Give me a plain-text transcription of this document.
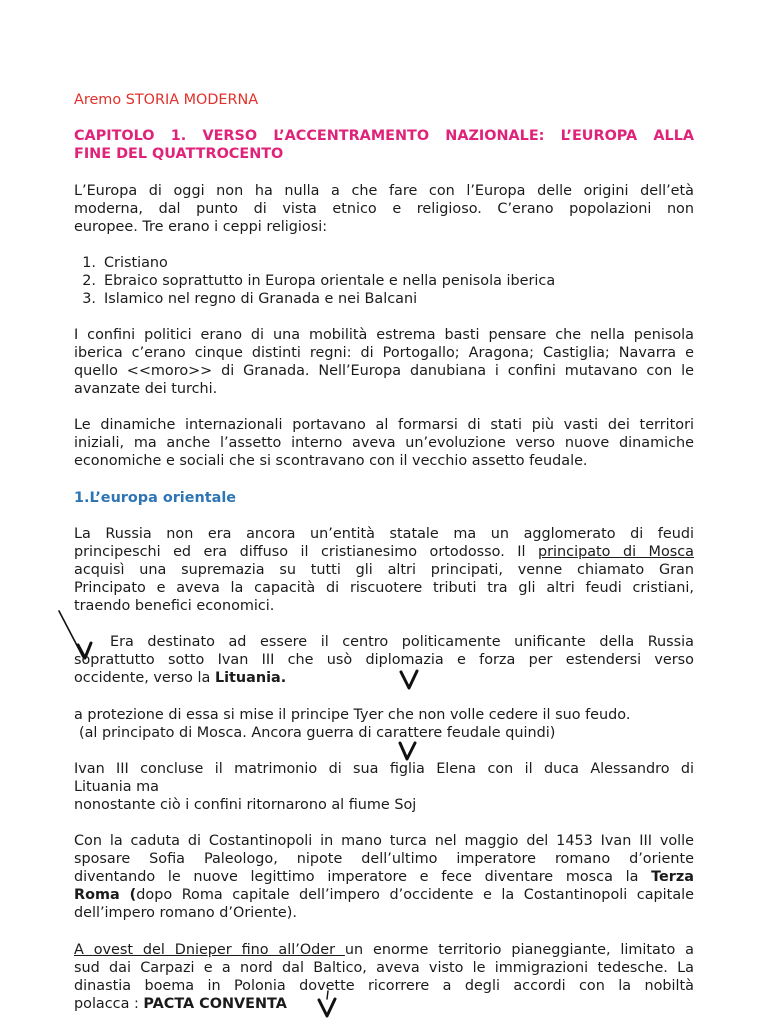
Aremo STORIA MODERNA

CAPITOLO 1. VERSO L’ACCENTRAMENTO NAZIONALE: L’EUROPA ALLA

FINE DEL QUATTROCENTO

L’Europa di oggi non ha nulla a che fare con l’Europa delle origini dell’età

moderna, dal punto di vista etnico e religioso. C’erano popolazioni non

europee. Tre erano i ceppi religiosi:

1. Cristiano

2. Ebraico soprattutto in Europa orientale e nella penisola iberica

3. Islamico nel regno di Granada e nei Balcani

I confini politici erano di una mobilità estrema basti pensare che nella penisola

iberica c’erano cinque distinti regni: di Portogallo; Aragona; Castiglia; Navarra e

quello <<moro>> di Granada. Nell’Europa danubiana i confini mutavano con le

avanzate dei turchi.

Le dinamiche internazionali portavano al formarsi di stati più vasti dei territori

iniziali, ma anche l’assetto interno aveva un’evoluzione verso nuove dinamiche

economiche e sociali che si scontravano con il vecchio assetto feudale.

1.L’europa orientale

La Russia non era ancora un’entità statale ma un agglomerato di feudi

principeschi ed era diffuso il cristianesimo ortodosso. Il principato di Mosca

acquisì una supremazia su tutti gli altri principati, venne chiamato Gran

Principato e aveva la capacità di riscuotere tributi tra gli altri feudi cristiani,

traendo benefici economici.

Era destinato ad essere il centro politicamente unificante della Russia

soprattutto sotto Ivan III che usò diplomazia e forza per estendersi verso

occidente, verso la Lituania.

a protezione di essa si mise il principe Tyer che non volle cedere il suo feudo.

(al principato di Mosca. Ancora guerra di carattere feudale quindi)

Ivan III concluse il matrimonio di sua figlia Elena con il duca Alessandro di

Lituania ma

nonostante ciò i confini ritornarono al fiume Soj

Con la caduta di Costantinopoli in mano turca nel maggio del 1453 Ivan III volle

sposare Sofia Paleologo, nipote dell’ultimo imperatore romano d’oriente

diventando le nuove legittimo imperatore e fece diventare mosca la Terza

Roma (dopo Roma capitale dell’impero d’occidente e la Costantinopoli capitale

dell’impero romano d’Oriente).

A ovest del Dnieper fino all’Oder un enorme territorio pianeggiante, limitato a

sud dai Carpazi e a nord dal Baltico, aveva visto le immigrazioni tedesche. La

dinastia boema in Polonia dovette ricorrere a degli accordi con la nobiltà

polacca : PACTA CONVENTA
